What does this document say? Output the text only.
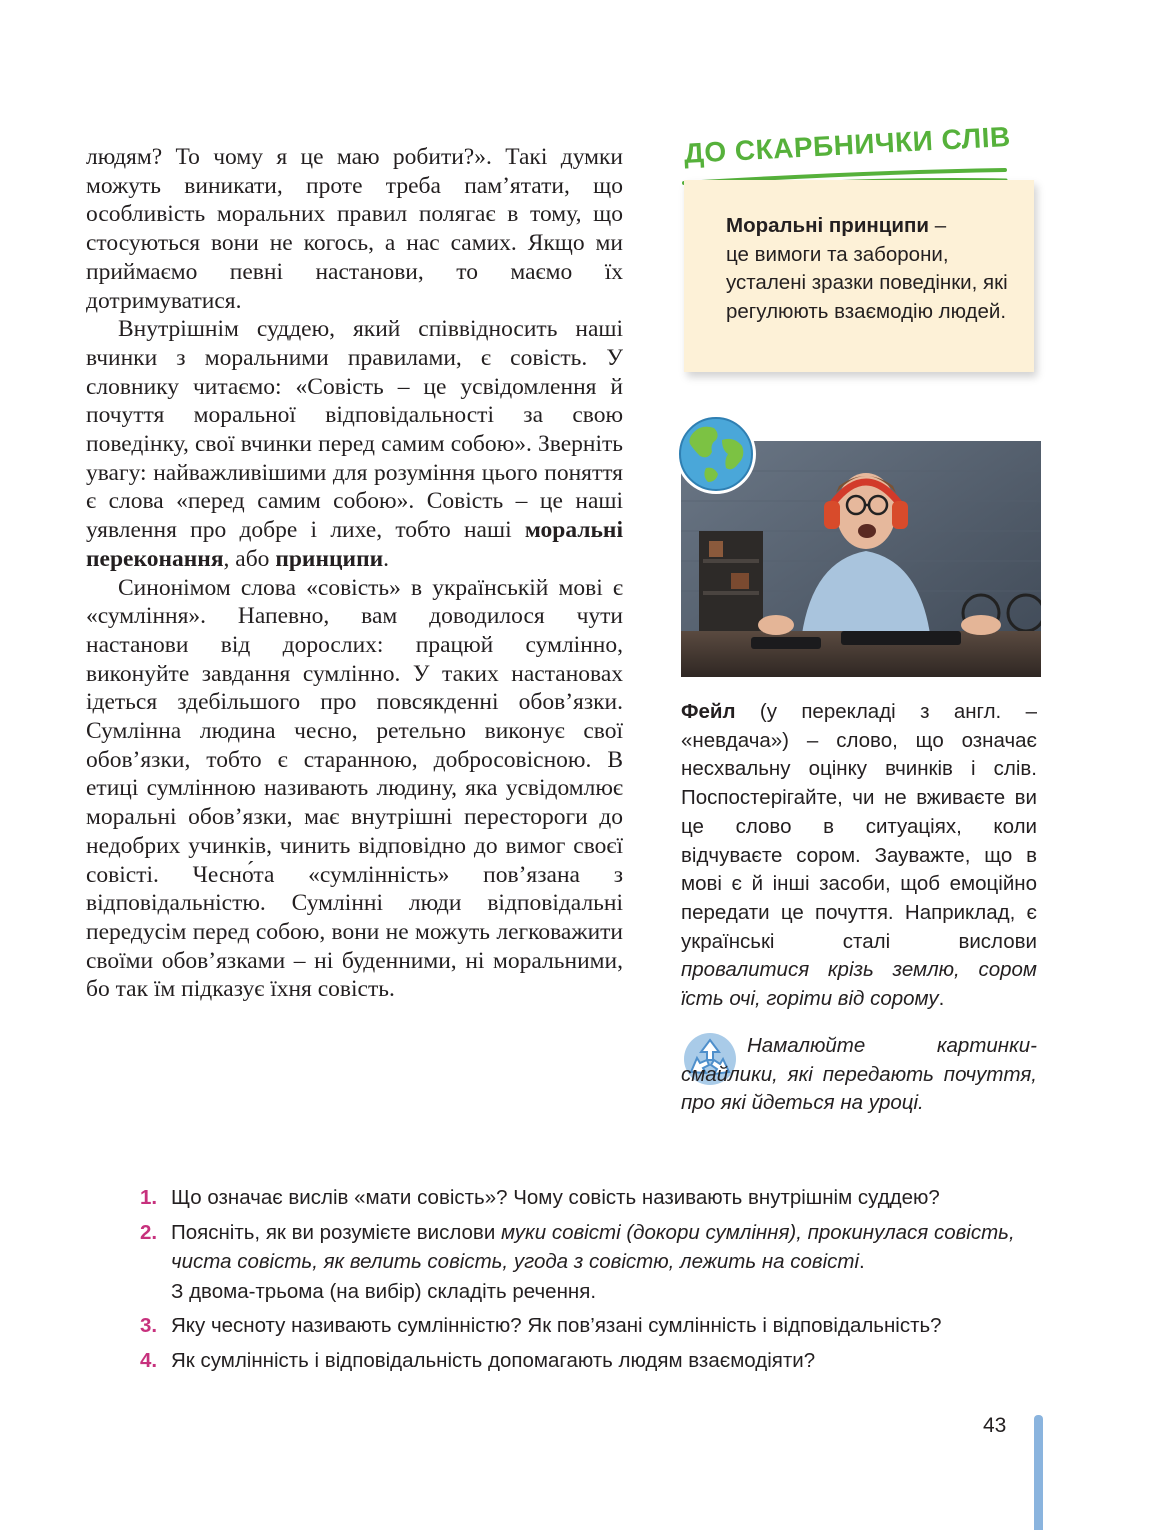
людям? То чому я це маю робити?». Такі думки можуть виникати, проте треба пам’ятати, що особливість моральних правил полягає в тому, що стосуються вони не когось, а нас самих. Якщо ми приймаємо певні настанови, то маємо їх дотримуватися.

Внутрішнім суддею, який співвідносить наші вчинки з моральними правилами, є совість. У словнику читаємо: «Совість – це усвідомлення й почуття моральної відповідальності за свою поведінку, свої вчинки перед самим собою». Зверніть увагу: найважливішими для розуміння цього поняття є слова «перед самим собою». Совість – це наші уявлення про добре і лихе, тобто наші моральні переконання, або принципи.

Синонімом слова «совість» в українській мові є «сумління». Напевно, вам доводилося чути настанови від дорослих: працюй сумлінно, виконуйте завдання сумлінно. У таких настановах ідеться здебільшого про повсякденні обов’язки. Сумлінна людина чесно, ретельно виконує свої обов’язки, тобто є старанною, добросовісною. В етиці сумлінною називають людину, яка усвідомлює моральні обов’язки, має внутрішні перестороги до недобрих учинків, чинить відповідно до вимог своєї совісті. Чесно́та «сумлінність» пов’язана з відповідальністю. Сумлінні люди відповідальні передусім перед собою, вони не можуть легковажити своїми обов’язками – ні буденними, ні моральними, бо так їм підказує їхня совість.

ДО СКАРБНИЧКИ СЛІВ
Моральні принципи –
це вимоги та заборони, усталені зразки поведінки, які регулюють взаємодію людей.
Фейл (у перекладі з англ. – «невдача») – слово, що означає несхвальну оцінку вчинків і слів. Поспостерігайте, чи не вживаєте ви це слово в ситуаціях, коли відчуваєте сором. Зауважте, що в мові є й інші засоби, щоб емоційно передати це почуття. Наприклад, є українські сталі вислови провалитися крізь землю, сором їсть очі, горіти від сорому.
Намалюйте картинки-смайлики, які передають почуття, про які йдеться на уроці.
1. Що означає вислів «мати совість»? Чому совість називають внутрішнім суддею?
2. Поясніть, як ви розумієте вислови муки совісті (докори сумління), прокинулася совість, чиста совість, як велить совість, угода з совістю, лежить на совісті.
З двома-трьома (на вибір) складіть речення.
3. Яку чесноту називають сумлінністю? Як пов’язані сумлінність і відповідальність?
4. Як сумлінність і відповідальність допомагають людям взаємодіяти?
43
